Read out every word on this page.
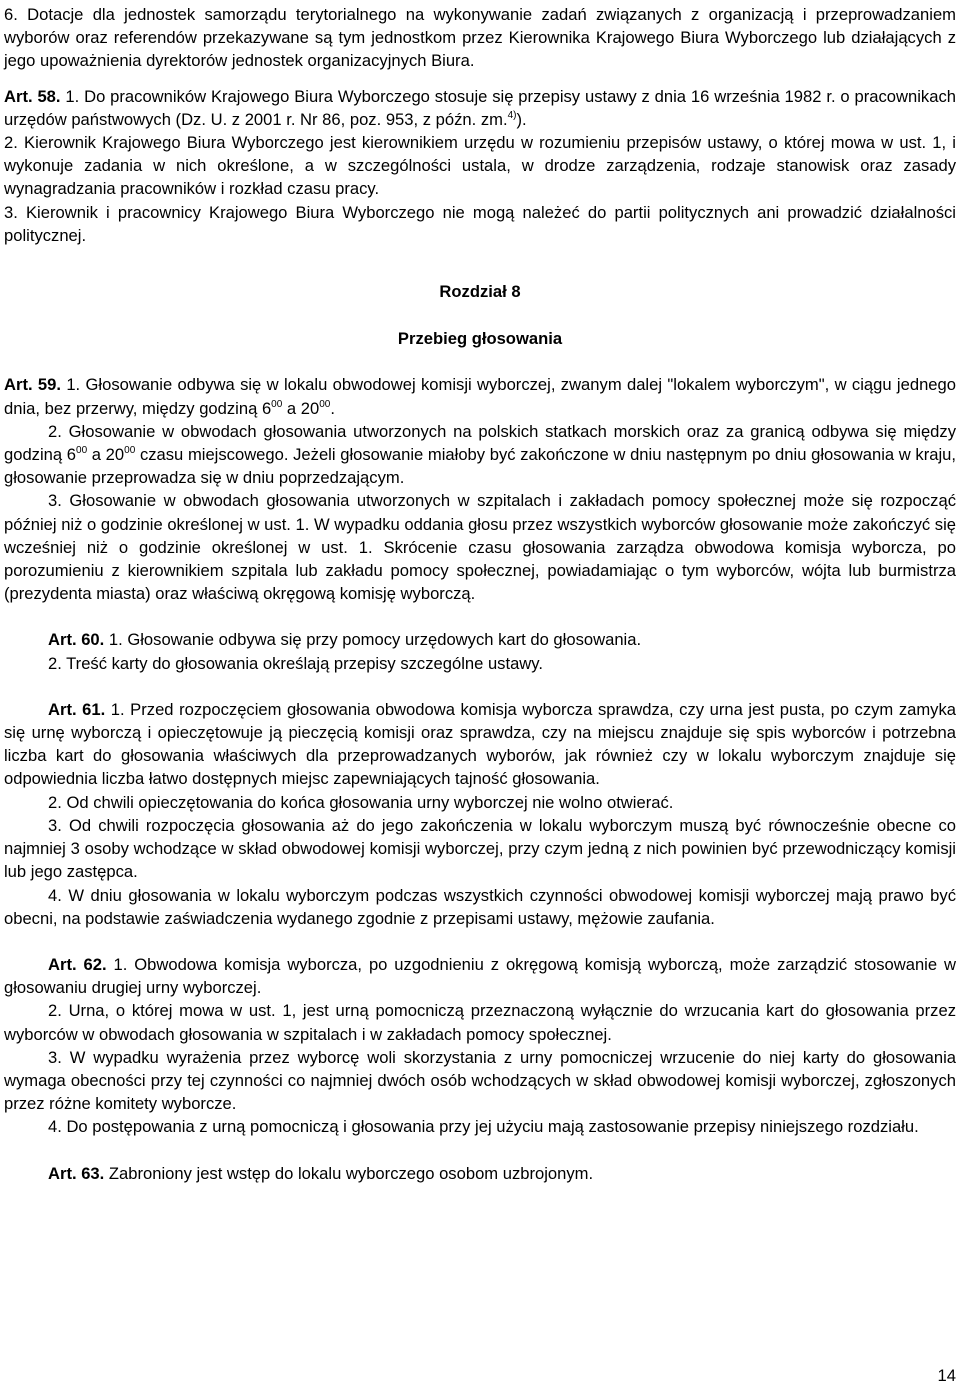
6. Dotacje dla jednostek samorządu terytorialnego na wykonywanie zadań związanych z organizacją i przeprowadzaniem wyborów oraz referendów przekazywane są tym jednostkom przez Kierownika Krajowego Biura Wyborczego lub działających z jego upoważnienia dyrektorów jednostek organizacyjnych Biura.

Art. 58. 1. Do pracowników Krajowego Biura Wyborczego stosuje się przepisy ustawy z dnia 16 września 1982 r. o pracownikach urzędów państwowych (Dz. U. z 2001 r. Nr 86, poz. 953, z późn. zm.$^{4)}$).

2. Kierownik Krajowego Biura Wyborczego jest kierownikiem urzędu w rozumieniu przepisów ustawy, o której mowa w ust. 1, i wykonuje zadania w nich określone, a w szczególności ustala, w drodze zarządzenia, rodzaje stanowisk oraz zasady wynagradzania pracowników i rozkład czasu pracy.

3. Kierownik i pracownicy Krajowego Biura Wyborczego nie mogą należeć do partii politycznych ani prowadzić działalności politycznej.

Rozdział 8

Przebieg głosowania

Art. 59. 1. Głosowanie odbywa się w lokalu obwodowej komisji wyborczej, zwanym dalej "lokalem wyborczym", w ciągu jednego dnia, bez przerwy, między godziną $6^{00}$ a $20^{00}$.

2. Głosowanie w obwodach głosowania utworzonych na polskich statkach morskich oraz za granicą odbywa się między godziną $6^{00}$ a $20^{00}$ czasu miejscowego. Jeżeli głosowanie miałoby być zakończone w dniu następnym po dniu głosowania w kraju, głosowanie przeprowadza się w dniu poprzedzającym.

3. Głosowanie w obwodach głosowania utworzonych w szpitalach i zakładach pomocy społecznej może się rozpocząć później niż o godzinie określonej w ust. 1. W wypadku oddania głosu przez wszystkich wyborców głosowanie może zakończyć się wcześniej niż o godzinie określonej w ust. 1. Skrócenie czasu głosowania zarządza obwodowa komisja wyborcza, po porozumieniu z kierownikiem szpitala lub zakładu pomocy społecznej, powiadamiając o tym wyborców, wójta lub burmistrza (prezydenta miasta) oraz właściwą okręgową komisję wyborczą.

Art. 60. 1. Głosowanie odbywa się przy pomocy urzędowych kart do głosowania.

2. Treść karty do głosowania określają przepisy szczególne ustawy.

Art. 61. 1. Przed rozpoczęciem głosowania obwodowa komisja wyborcza sprawdza, czy urna jest pusta, po czym zamyka się urnę wyborczą i opieczętowuje ją pieczęcią komisji oraz sprawdza, czy na miejscu znajduje się spis wyborców i potrzebna liczba kart do głosowania właściwych dla przeprowadzanych wyborów, jak również czy w lokalu wyborczym znajduje się odpowiednia liczba łatwo dostępnych miejsc zapewniających tajność głosowania.

2. Od chwili opieczętowania do końca głosowania urny wyborczej nie wolno otwierać.

3. Od chwili rozpoczęcia głosowania aż do jego zakończenia w lokalu wyborczym muszą być równocześnie obecne co najmniej 3 osoby wchodzące w skład obwodowej komisji wyborczej, przy czym jedną z nich powinien być przewodniczący komisji lub jego zastępca.

4. W dniu głosowania w lokalu wyborczym podczas wszystkich czynności obwodowej komisji wyborczej mają prawo być obecni, na podstawie zaświadczenia wydanego zgodnie z przepisami ustawy, mężowie zaufania.

Art. 62. 1. Obwodowa komisja wyborcza, po uzgodnieniu z okręgową komisją wyborczą, może zarządzić stosowanie w głosowaniu drugiej urny wyborczej.

2. Urna, o której mowa w ust. 1, jest urną pomocniczą przeznaczoną wyłącznie do wrzucania kart do głosowania przez wyborców w obwodach głosowania w szpitalach i w zakładach pomocy społecznej.

3. W wypadku wyrażenia przez wyborcę woli skorzystania z urny pomocniczej wrzucenie do niej karty do głosowania wymaga obecności przy tej czynności co najmniej dwóch osób wchodzących w skład obwodowej komisji wyborczej, zgłoszonych przez różne komitety wyborcze.

4. Do postępowania z urną pomocniczą i głosowania przy jej użyciu mają zastosowanie przepisy niniejszego rozdziału.

Art. 63. Zabroniony jest wstęp do lokalu wyborczego osobom uzbrojonym.

14
